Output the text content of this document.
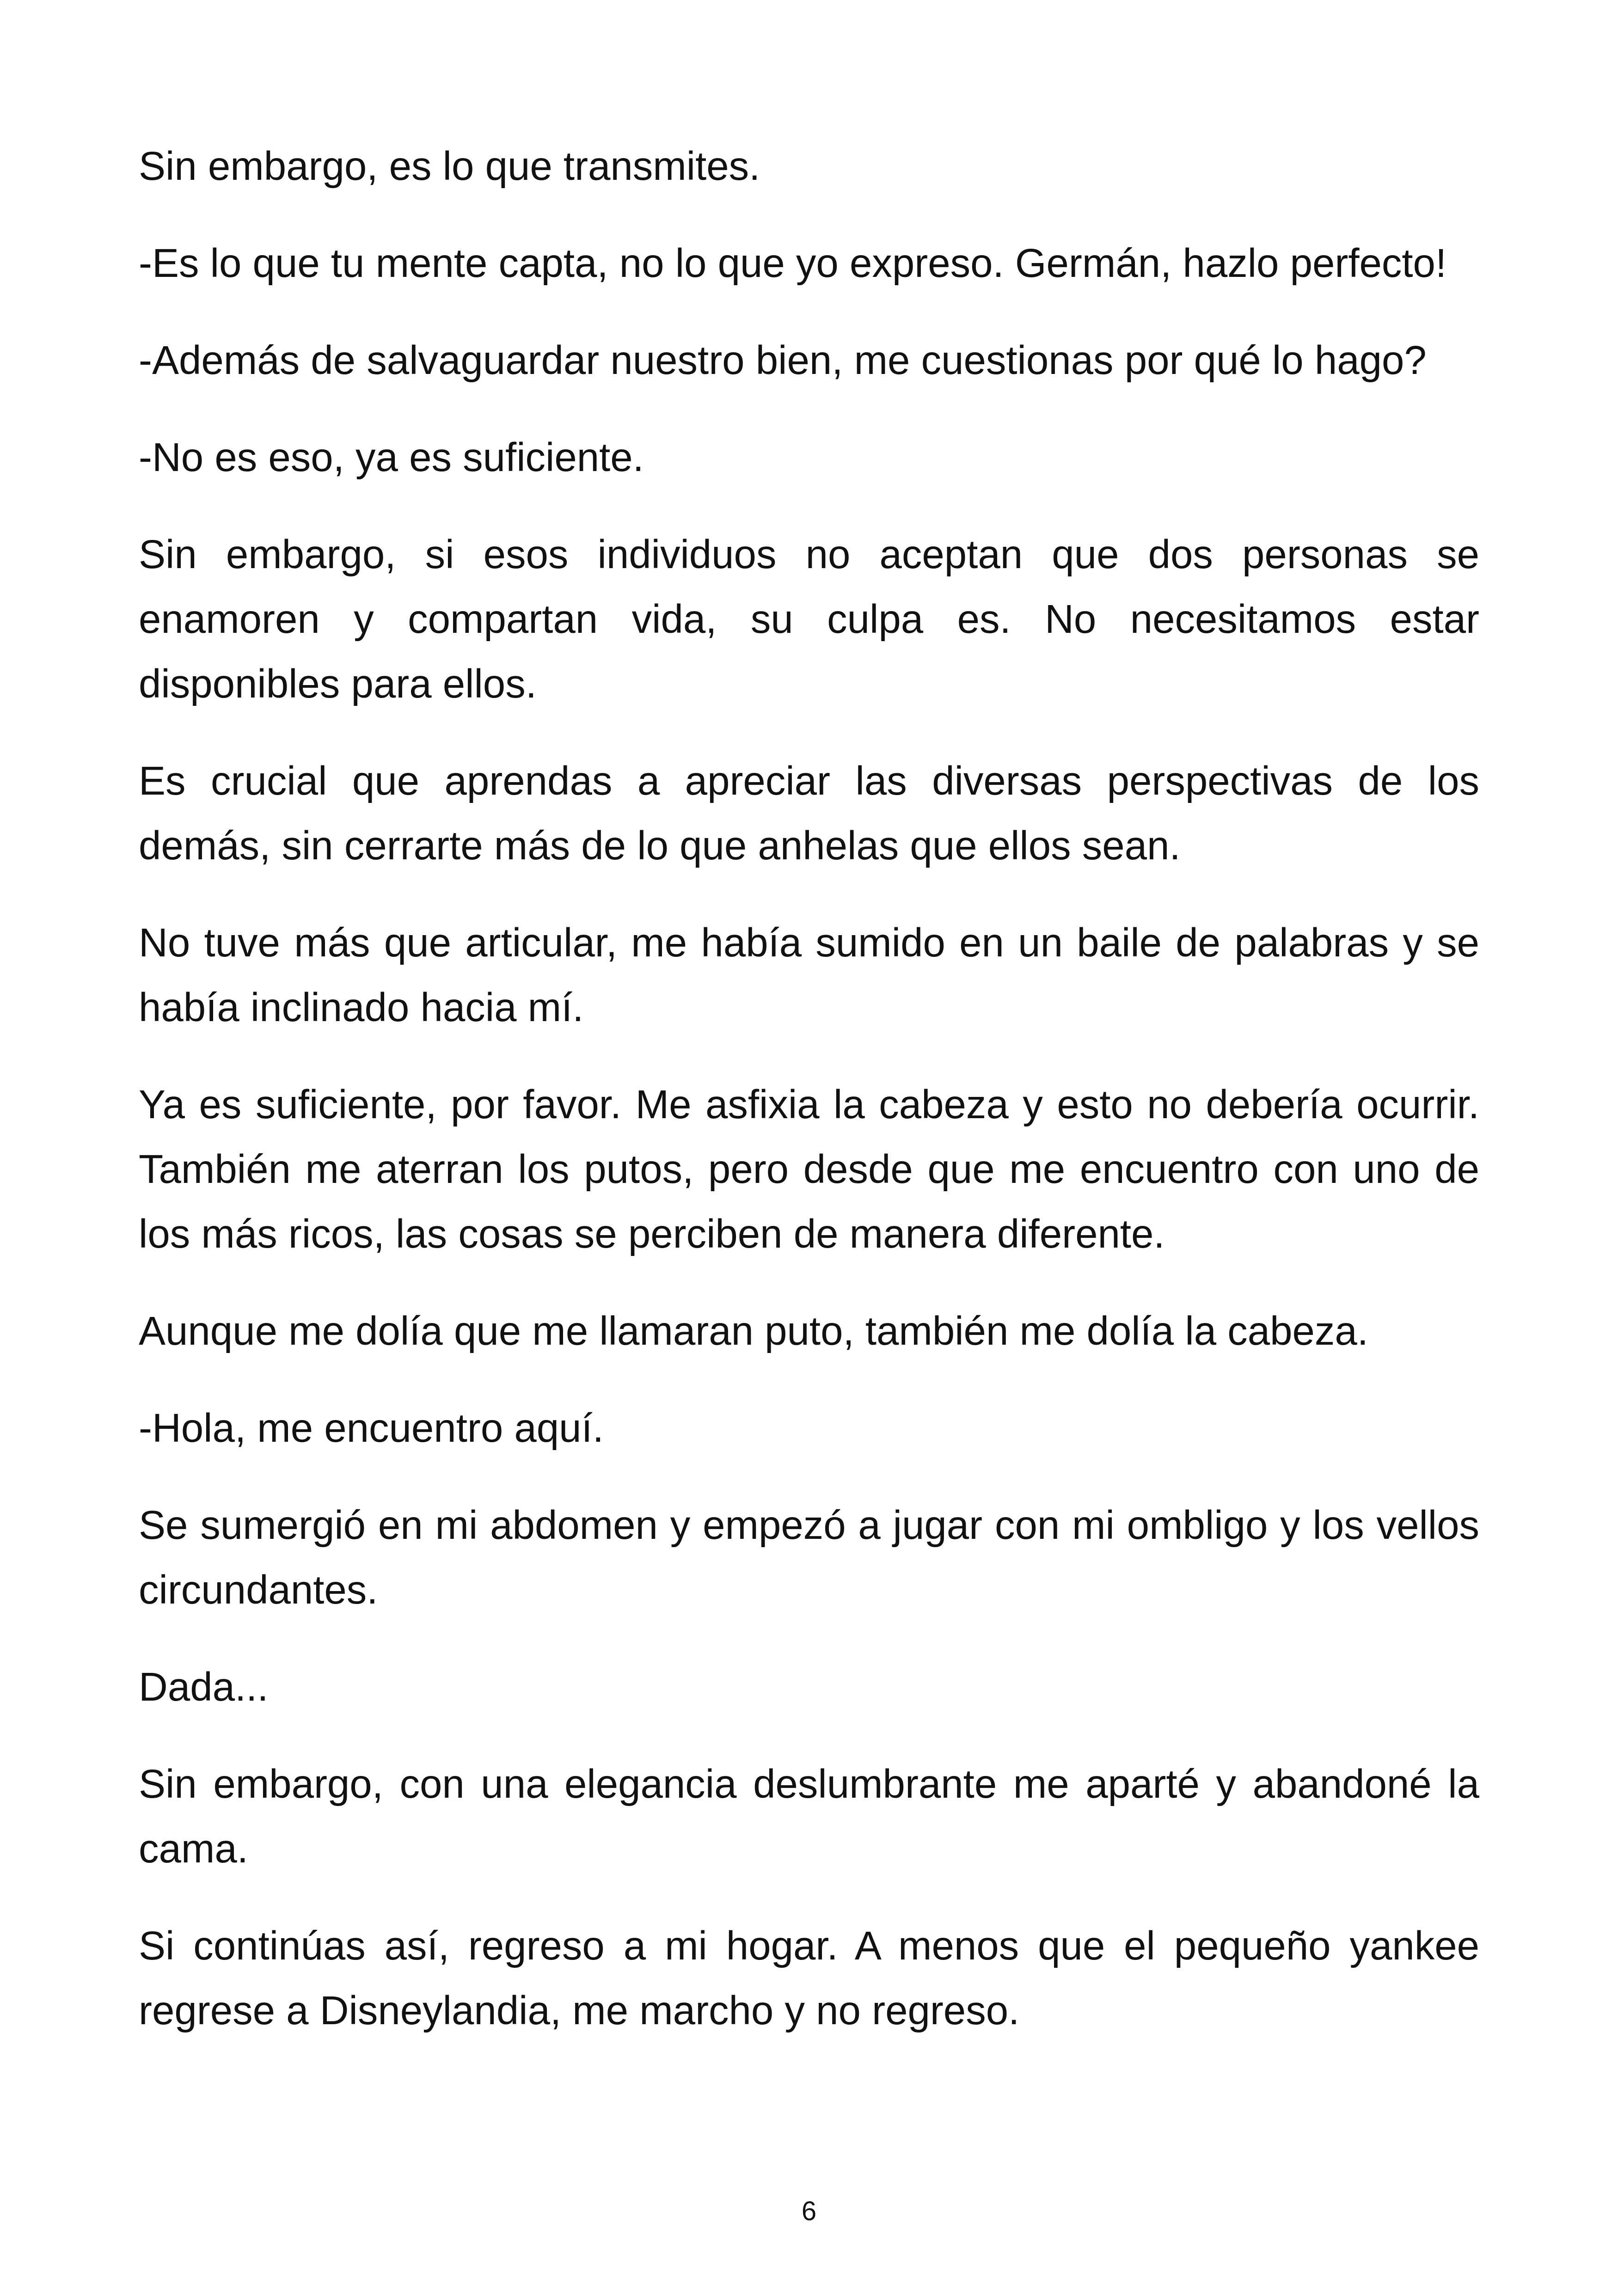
Sin embargo, es lo que transmites.

-Es lo que tu mente capta, no lo que yo expreso. Germán, hazlo perfecto!

-Además de salvaguardar nuestro bien, me cuestionas por qué lo hago?

-No es eso, ya es suficiente.

Sin embargo, si esos individuos no aceptan que dos personas se enamoren y compartan vida, su culpa es. No necesitamos estar disponibles para ellos.

Es crucial que aprendas a apreciar las diversas perspectivas de los demás, sin cerrarte más de lo que anhelas que ellos sean.

No tuve más que articular, me había sumido en un baile de palabras y se había inclinado hacia mí.

Ya es suficiente, por favor. Me asfixia la cabeza y esto no debería ocurrir. También me aterran los putos, pero desde que me encuentro con uno de los más ricos, las cosas se perciben de manera diferente.

Aunque me dolía que me llamaran puto, también me dolía la cabeza.

-Hola, me encuentro aquí.

Se sumergió en mi abdomen y empezó a jugar con mi ombligo y los vellos circundantes.

Dada...

Sin embargo, con una elegancia deslumbrante me aparté y abandoné la cama.

Si continúas así, regreso a mi hogar. A menos que el pequeño yankee regrese a Disneylandia, me marcho y no regreso.

6
